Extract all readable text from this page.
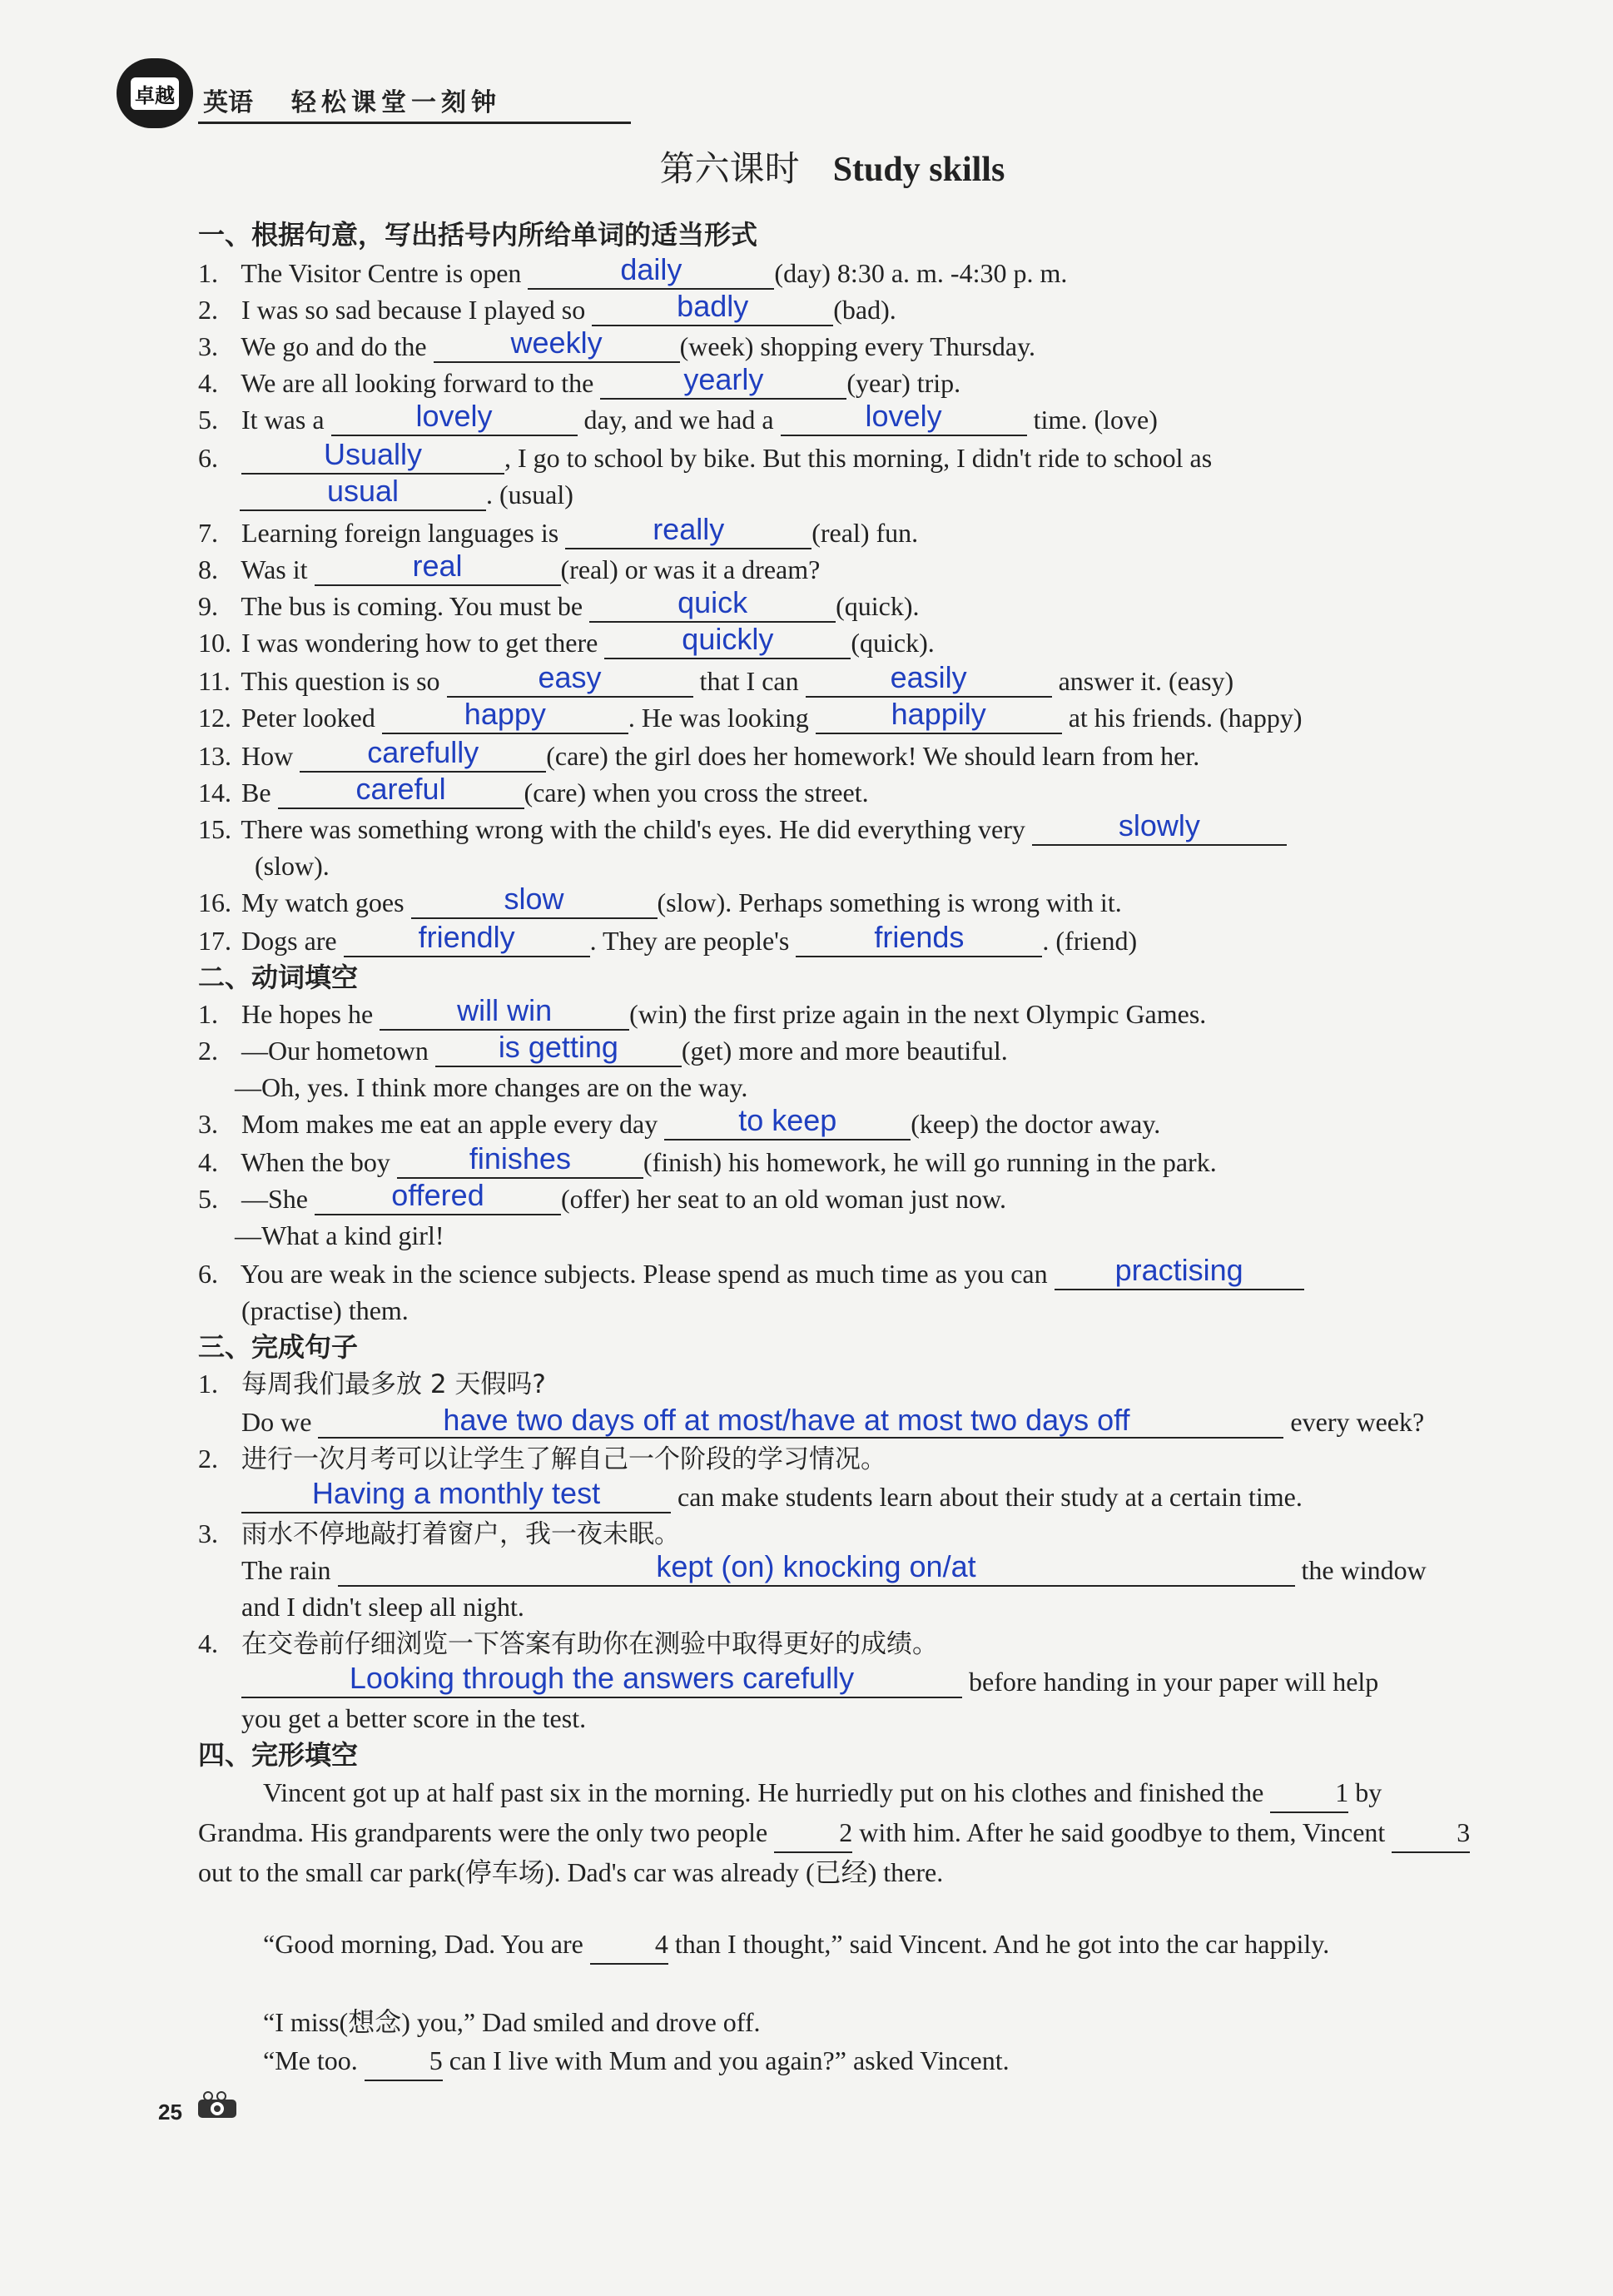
卓越 英语 轻松课堂一刻钟
第六课时 Study skills
一、根据句意，写出括号内所给单词的适当形式
1. The Visitor Centre is open	daily	(day) 8:30 a. m. -4:30 p. m.
2. I was so sad because I played so	badly	(bad).
3. We go and do the	weekly	(week) shopping every Thursday.
4. We are all looking forward to the	yearly	(year) trip.
5. It was a	lovely	day, and we had a	lovely	time. (love)
6.	Usually	, I go to school by bike. But this morning, I didn't ride to school as
usual	. (usual)
7. Learning foreign languages is	really	(real) fun.
8. Was it	real	(real) or was it a dream?
9. The bus is coming. You must be	quick	(quick).
10. I was wondering how to get there	quickly	(quick).
11. This question is so	easy	that I can	easily	answer it. (easy)
12. Peter looked	happy	. He was looking	happily	at his friends. (happy)
13. How carefully	(care) the girl does her homework! We should learn from her.
14. Be	careful	(care) when you cross the street.
15. There was something wrong with the child's eyes. He did everything very	slowly
(slow).
16. My watch goes	slow	(slow). Perhaps something is wrong with it.
17. Dogs are	friendly	. They are people's	friends	. (friend)
二、动词填空
1. He hopes he	will win	(win) the first prize again in the next Olympic Games.
2. —Our hometown is getting (get) more and more beautiful.
—Oh, yes. I think more changes are on the way.
3. Mom makes me eat an apple every day	to keep	(keep) the doctor away.
4. When the boy	finishes	(finish) his homework, he will go running in the park.
5. —She	offered	(offer) her seat to an old woman just now.
—What a kind girl!
6. You are weak in the science subjects. Please spend as much time as you can practising
(practise) them.
三、完成句子
1. 每周我们最多放 2 天假吗?
Do we	have two days off at most/have at most two days off	every week?
2. 进行一次月考可以让学生了解自己一个阶段的学习情况。
Having a monthly test	can make students learn about their study at a certain time.
3. 雨水不停地敲打着窗户，我一夜未眠。
The rain	kept (on) knocking on/at	the window
and I didn't sleep all night.
4. 在交卷前仔细浏览一下答案有助你在测验中取得更好的成绩。
Looking through the answers carefully	before handing in your paper will help
you get a better score in the test.
四、完形填空
Vincent got up at half past six in the morning. He hurriedly put on his clothes and finished the	1 by Grandma. His grandparents were the only two people	2 with him. After he said goodbye to them, Vincent	3 out to the small car park(停车场). Dad's car was already (已经) there.
“Good morning, Dad. You are	4 than I thought,” said Vincent. And he got into the car happily.
“I miss(想念) you,” Dad smiled and drove off.
“Me too.	5 can I live with Mum and you again?” asked Vincent.
25
